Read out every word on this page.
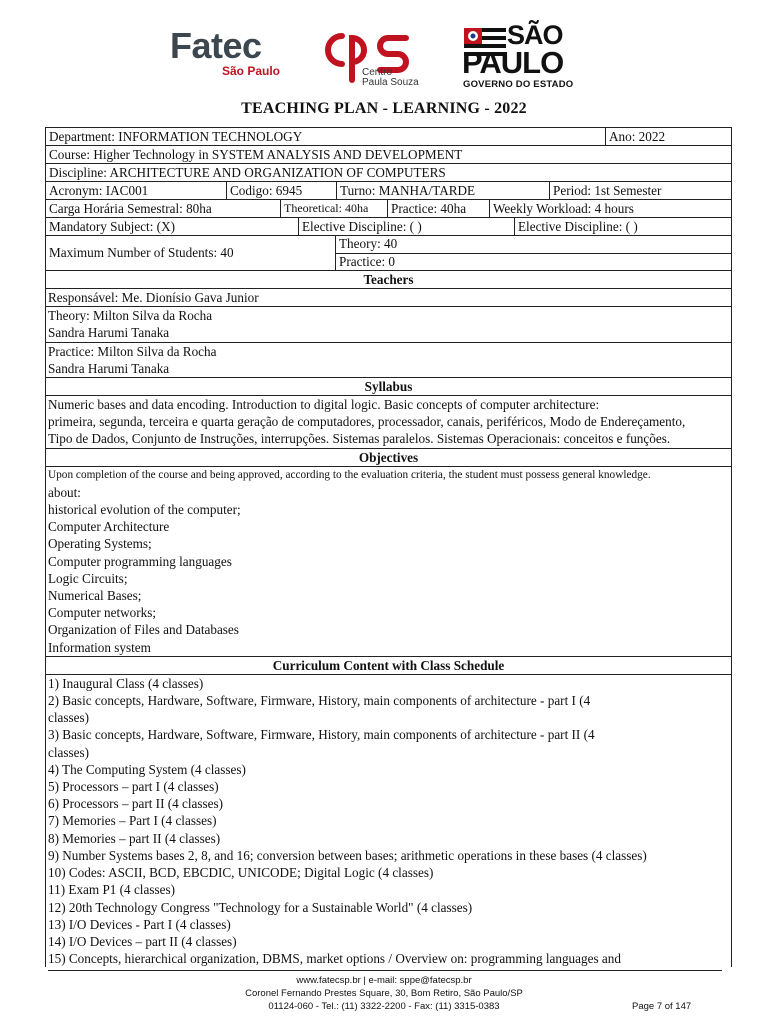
Fatec
São Paulo	Centro
Paula Souza
SÃO
PAULO
GOVERNO DO ESTADO
TEACHING PLAN - LEARNING - 2022
Department: INFORMATION TECHNOLOGY	Ano: 2022
Course: Higher Technology in SYSTEM ANALYSIS AND DEVELOPMENT
Discipline: ARCHITECTURE AND ORGANIZATION OF COMPUTERS
Acronym: IAC001	Codigo: 6945	Turno: MANHA/TARDE	Period: 1st Semester
Carga Horária Semestral: 80ha	Theoretical: 40ha	Practice: 40ha	Weekly Workload: 4 hours
Mandatory Subject: (X)	Elective Discipline: ( )	Elective Discipline: ( )
Maximum Number of Students: 40
Theory: 40
Practice: 0
Teachers
Responsável: Me. Dionísio Gava Junior
Theory: Milton Silva da Rocha
Sandra Harumi Tanaka
Practice: Milton Silva da Rocha
Sandra Harumi Tanaka
Syllabus
Numeric bases and data encoding. Introduction to digital logic. Basic concepts of computer architecture:
primeira, segunda, terceira e quarta geração de computadores, processador, canais, periféricos, Modo de Endereçamento,
Tipo de Dados, Conjunto de Instruções, interrupções. Sistemas paralelos. Sistemas Operacionais: conceitos e funções.
Objectives
Upon completion of the course and being approved, according to the evaluation criteria, the student must possess general knowledge.
about:
historical evolution of the computer;
Computer Architecture
Operating Systems;
Computer programming languages
Logic Circuits;
Numerical Bases;
Computer networks;
Organization of Files and Databases
Information system
Curriculum Content with Class Schedule
1) Inaugural Class (4 classes)
2) Basic concepts, Hardware, Software, Firmware, History, main components of architecture - part I (4
classes)
3) Basic concepts, Hardware, Software, Firmware, History, main components of architecture - part II (4
classes)
4) The Computing System (4 classes)
5) Processors – part I (4 classes)
6) Processors – part II (4 classes)
7) Memories – Part I (4 classes)
8) Memories – part II (4 classes)
9) Number Systems bases 2, 8, and 16; conversion between bases; arithmetic operations in these bases (4 classes)
10) Codes: ASCII, BCD, EBCDIC, UNICODE; Digital Logic (4 classes)
11) Exam P1 (4 classes)
12) 20th Technology Congress "Technology for a Sustainable World" (4 classes)
13) I/O Devices - Part I (4 classes)
14) I/O Devices – part II (4 classes)
15) Concepts, hierarchical organization, DBMS, market options / Overview on: programming languages and
www.fatecsp.br | e-mail: sppe@fatecsp.br
Coronel Fernando Prestes Square, 30, Bom Retiro, São Paulo/SP
01124-060 - Tel.: (11) 3322-2200 - Fax: (11) 3315-0383	Page 7 of 147
